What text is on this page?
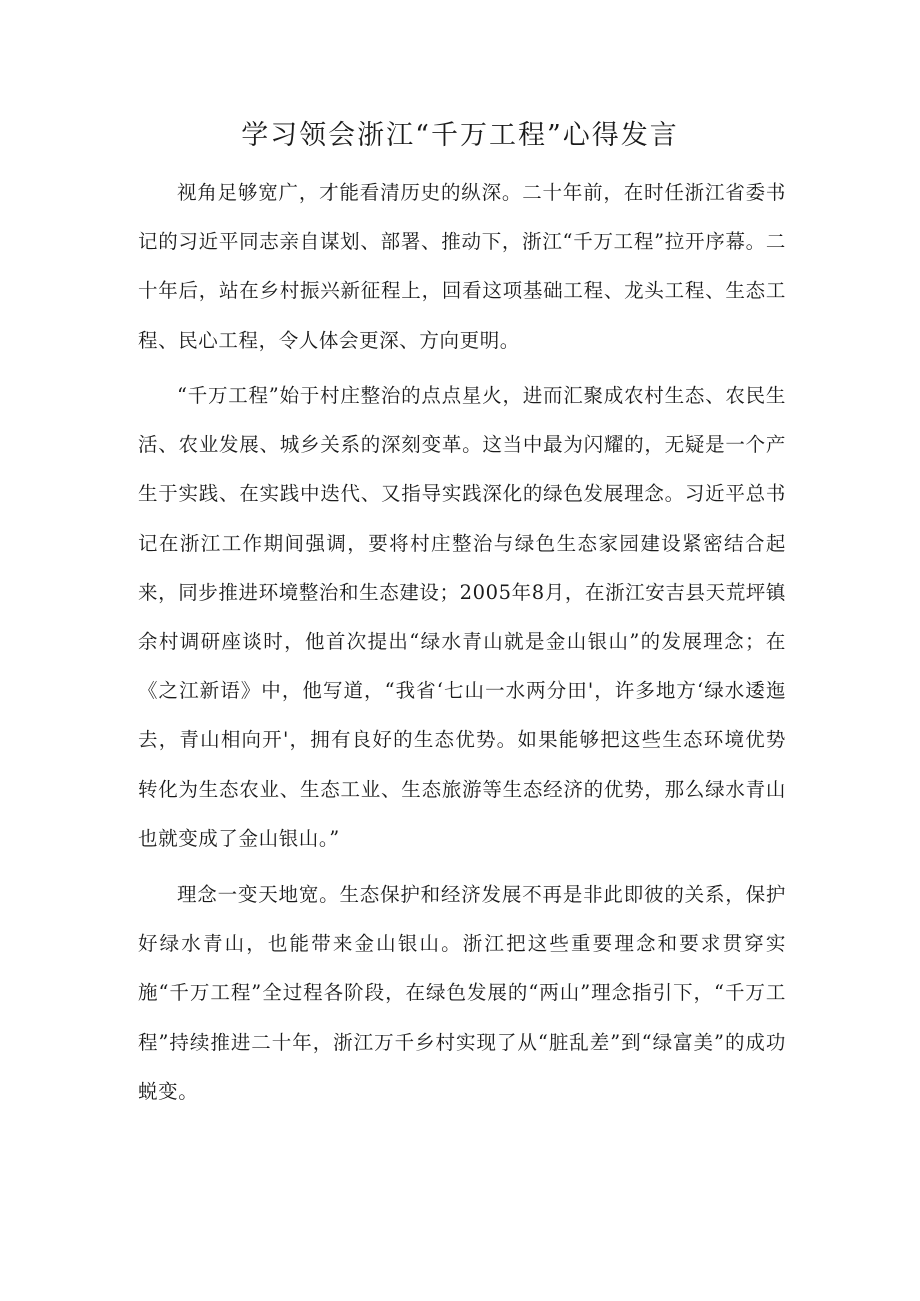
学习领会浙江“千万工程”心得发言

视角足够宽广，才能看清历史的纵深。二十年前，在时任浙江省委书记的习近平同志亲自谋划、部署、推动下，浙江“千万工程”拉开序幕。二十年后，站在乡村振兴新征程上，回看这项基础工程、龙头工程、生态工程、民心工程，令人体会更深、方向更明。

“千万工程”始于村庄整治的点点星火，进而汇聚成农村生态、农民生活、农业发展、城乡关系的深刻变革。这当中最为闪耀的，无疑是一个产生于实践、在实践中迭代、又指导实践深化的绿色发展理念。习近平总书记在浙江工作期间强调，要将村庄整治与绿色生态家园建设紧密结合起来，同步推进环境整治和生态建设；2005年8月，在浙江安吉县天荒坪镇余村调研座谈时，他首次提出“绿水青山就是金山银山”的发展理念；在《之江新语》中，他写道，“我省‘七山一水两分田'，许多地方‘绿水逶迤去，青山相向开'，拥有良好的生态优势。如果能够把这些生态环境优势转化为生态农业、生态工业、生态旅游等生态经济的优势，那么绿水青山也就变成了金山银山。”

理念一变天地宽。生态保护和经济发展不再是非此即彼的关系，保护好绿水青山，也能带来金山银山。浙江把这些重要理念和要求贯穿实施“千万工程”全过程各阶段，在绿色发展的“两山”理念指引下，“千万工程”持续推进二十年，浙江万千乡村实现了从“脏乱差”到“绿富美”的成功蜕变。
